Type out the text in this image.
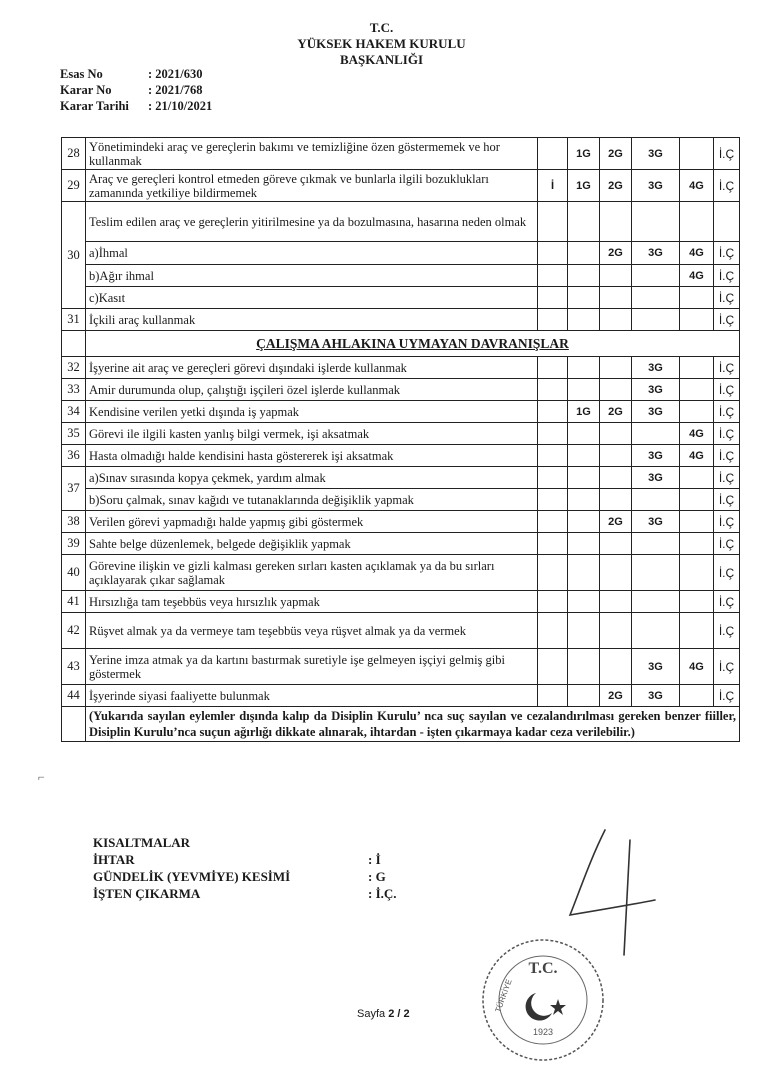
T.C.
YÜKSEK HAKEM KURULU
BAŞKANLIĞI
Esas No	: 2021/630
Karar No	: 2021/768
Karar Tarihi	: 21/10/2021
28	Yönetimindeki araç ve gereçlerin bakımı ve temizliğine özen göstermemek ve hor kullanmak		1G	2G	3G		İ.Ç
29	Araç ve gereçleri kontrol etmeden göreve çıkmak ve bunlarla ilgili bozuklukları zamanında yetkiliye bildirmemek	İ	1G	2G	3G	4G	İ.Ç
30	Teslim edilen araç ve gereçlerin yitirilmesine ya da bozulmasına, hasarına neden olmak						
	a)İhmal			2G	3G	4G	İ.Ç
	b)Ağır ihmal					4G	İ.Ç
	c)Kasıt						İ.Ç
31	İçkili araç kullanmak						İ.Ç
	ÇALIŞMA AHLAKINA UYMAYAN DAVRANIŞLAR						
32	İşyerine ait araç ve gereçleri görevi dışındaki işlerde kullanmak				3G		İ.Ç
33	Amir durumunda olup, çalıştığı işçileri özel işlerde kullanmak				3G		İ.Ç
34	Kendisine verilen yetki dışında iş yapmak		1G	2G	3G		İ.Ç
35	Görevi ile ilgili kasten yanlış bilgi vermek, işi aksatmak					4G	İ.Ç
36	Hasta olmadığı halde kendisini hasta göstererek işi aksatmak				3G	4G	İ.Ç
37	a)Sınav sırasında kopya çekmek, yardım almak				3G		İ.Ç
	b)Soru çalmak, sınav kağıdı ve tutanaklarında değişiklik yapmak						İ.Ç
38	Verilen görevi yapmadığı halde yapmış gibi göstermek			2G	3G		İ.Ç
39	Sahte belge düzenlemek, belgede değişiklik yapmak						İ.Ç
40	Görevine ilişkin ve gizli kalması gereken sırları kasten açıklamak ya da bu sırları açıklayarak çıkar sağlamak						İ.Ç
41	Hırsızlığa tam teşebbüs veya hırsızlık yapmak						İ.Ç
42	Rüşvet almak ya da vermeye tam teşebbüs veya rüşvet almak ya da vermek						İ.Ç
43	Yerine imza atmak ya da kartını bastırmak suretiyle işe gelmeyen işçiyi gelmiş gibi göstermek				3G	4G	İ.Ç
44	İşyerinde siyasi faaliyette bulunmak			2G	3G		İ.Ç
	(Yukarıda sayılan eylemler dışında kalıp da Disiplin Kurulu’ nca suç sayılan ve cezalandırılması gereken benzer fiiller, Disiplin Kurulu’nca suçun ağırlığı dikkate alınarak, ihtardan - işten çıkarmaya kadar ceza verilebilir.)						
KISALTMALAR
İHTAR	: İ
GÜNDELİK (YEVMİYE) KESİMİ	: G
İŞTEN ÇIKARMA	: İ.Ç.
T.C.
1923
TÜRKİYE
⌐
Sayfa 2 / 2
